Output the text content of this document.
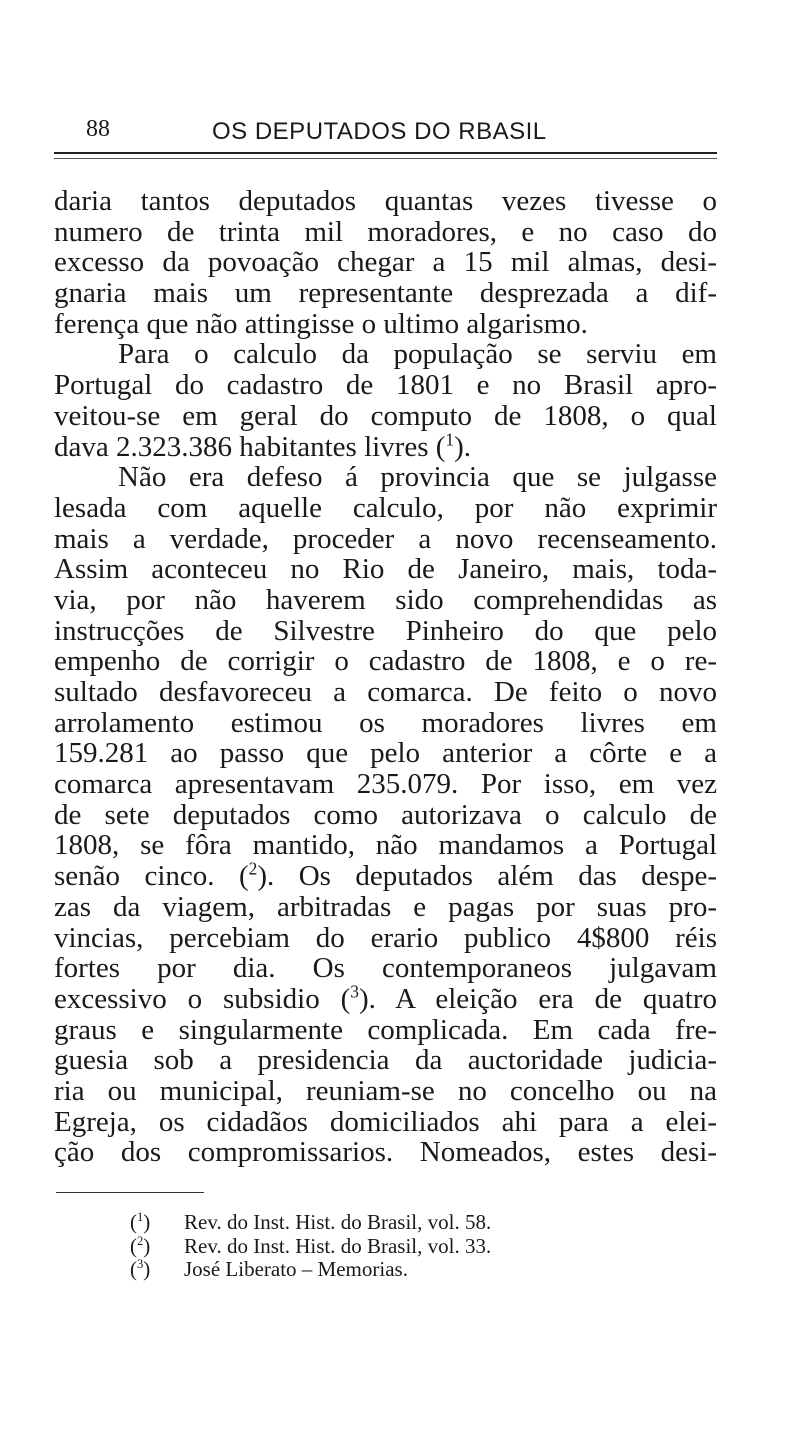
88	OS DEPUTADOS DO RBASIL
daria tantos deputados quantas vezes tivesse o
numero de trinta mil moradores, e no caso do
excesso da povoação chegar a 15 mil almas, desi-
gnaria mais um representante desprezada a dif-
ferença que não attingisse o ultimo algarismo.
Para o calculo da população se serviu em
Portugal do cadastro de 1801 e no Brasil apro-
veitou-se em geral do computo de 1808, o qual
dava 2.323.386 habitantes livres ($^1$).
Não era defeso á provincia que se julgasse
lesada com aquelle calculo, por não exprimir
mais a verdade, proceder a novo recenseamento.
Assim aconteceu no Rio de Janeiro, mais, toda-
via, por não haverem sido comprehendidas as
instrucções de Silvestre Pinheiro do que pelo
empenho de corrigir o cadastro de 1808, e o re-
sultado desfavoreceu a comarca. De feito o novo
arrolamento estimou os moradores livres em
159.281 ao passo que pelo anterior a côrte e a
comarca apresentavam 235.079. Por isso, em vez
de sete deputados como autorizava o calculo de
1808, se fôra mantido, não mandamos a Portugal
senão cinco. ($^2$). Os deputados além das despe-
zas da viagem, arbitradas e pagas por suas pro-
vincias, percebiam do erario publico 4$800 réis
fortes por dia. Os contemporaneos julgavam
excessivo o subsidio ($^3$). A eleição era de quatro
graus e singularmente complicada. Em cada fre-
guesia sob a presidencia da auctoridade judicia-
ria ou municipal, reuniam-se no concelho ou na
Egreja, os cidadãos domiciliados ahi para a elei-
ção dos compromissarios. Nomeados, estes desi-
($^1$) Rev. do Inst. Hist. do Brasil, vol. 58.
($^2$) Rev. do Inst. Hist. do Brasil, vol. 33.
($^3$) José Liberato – Memorias.
